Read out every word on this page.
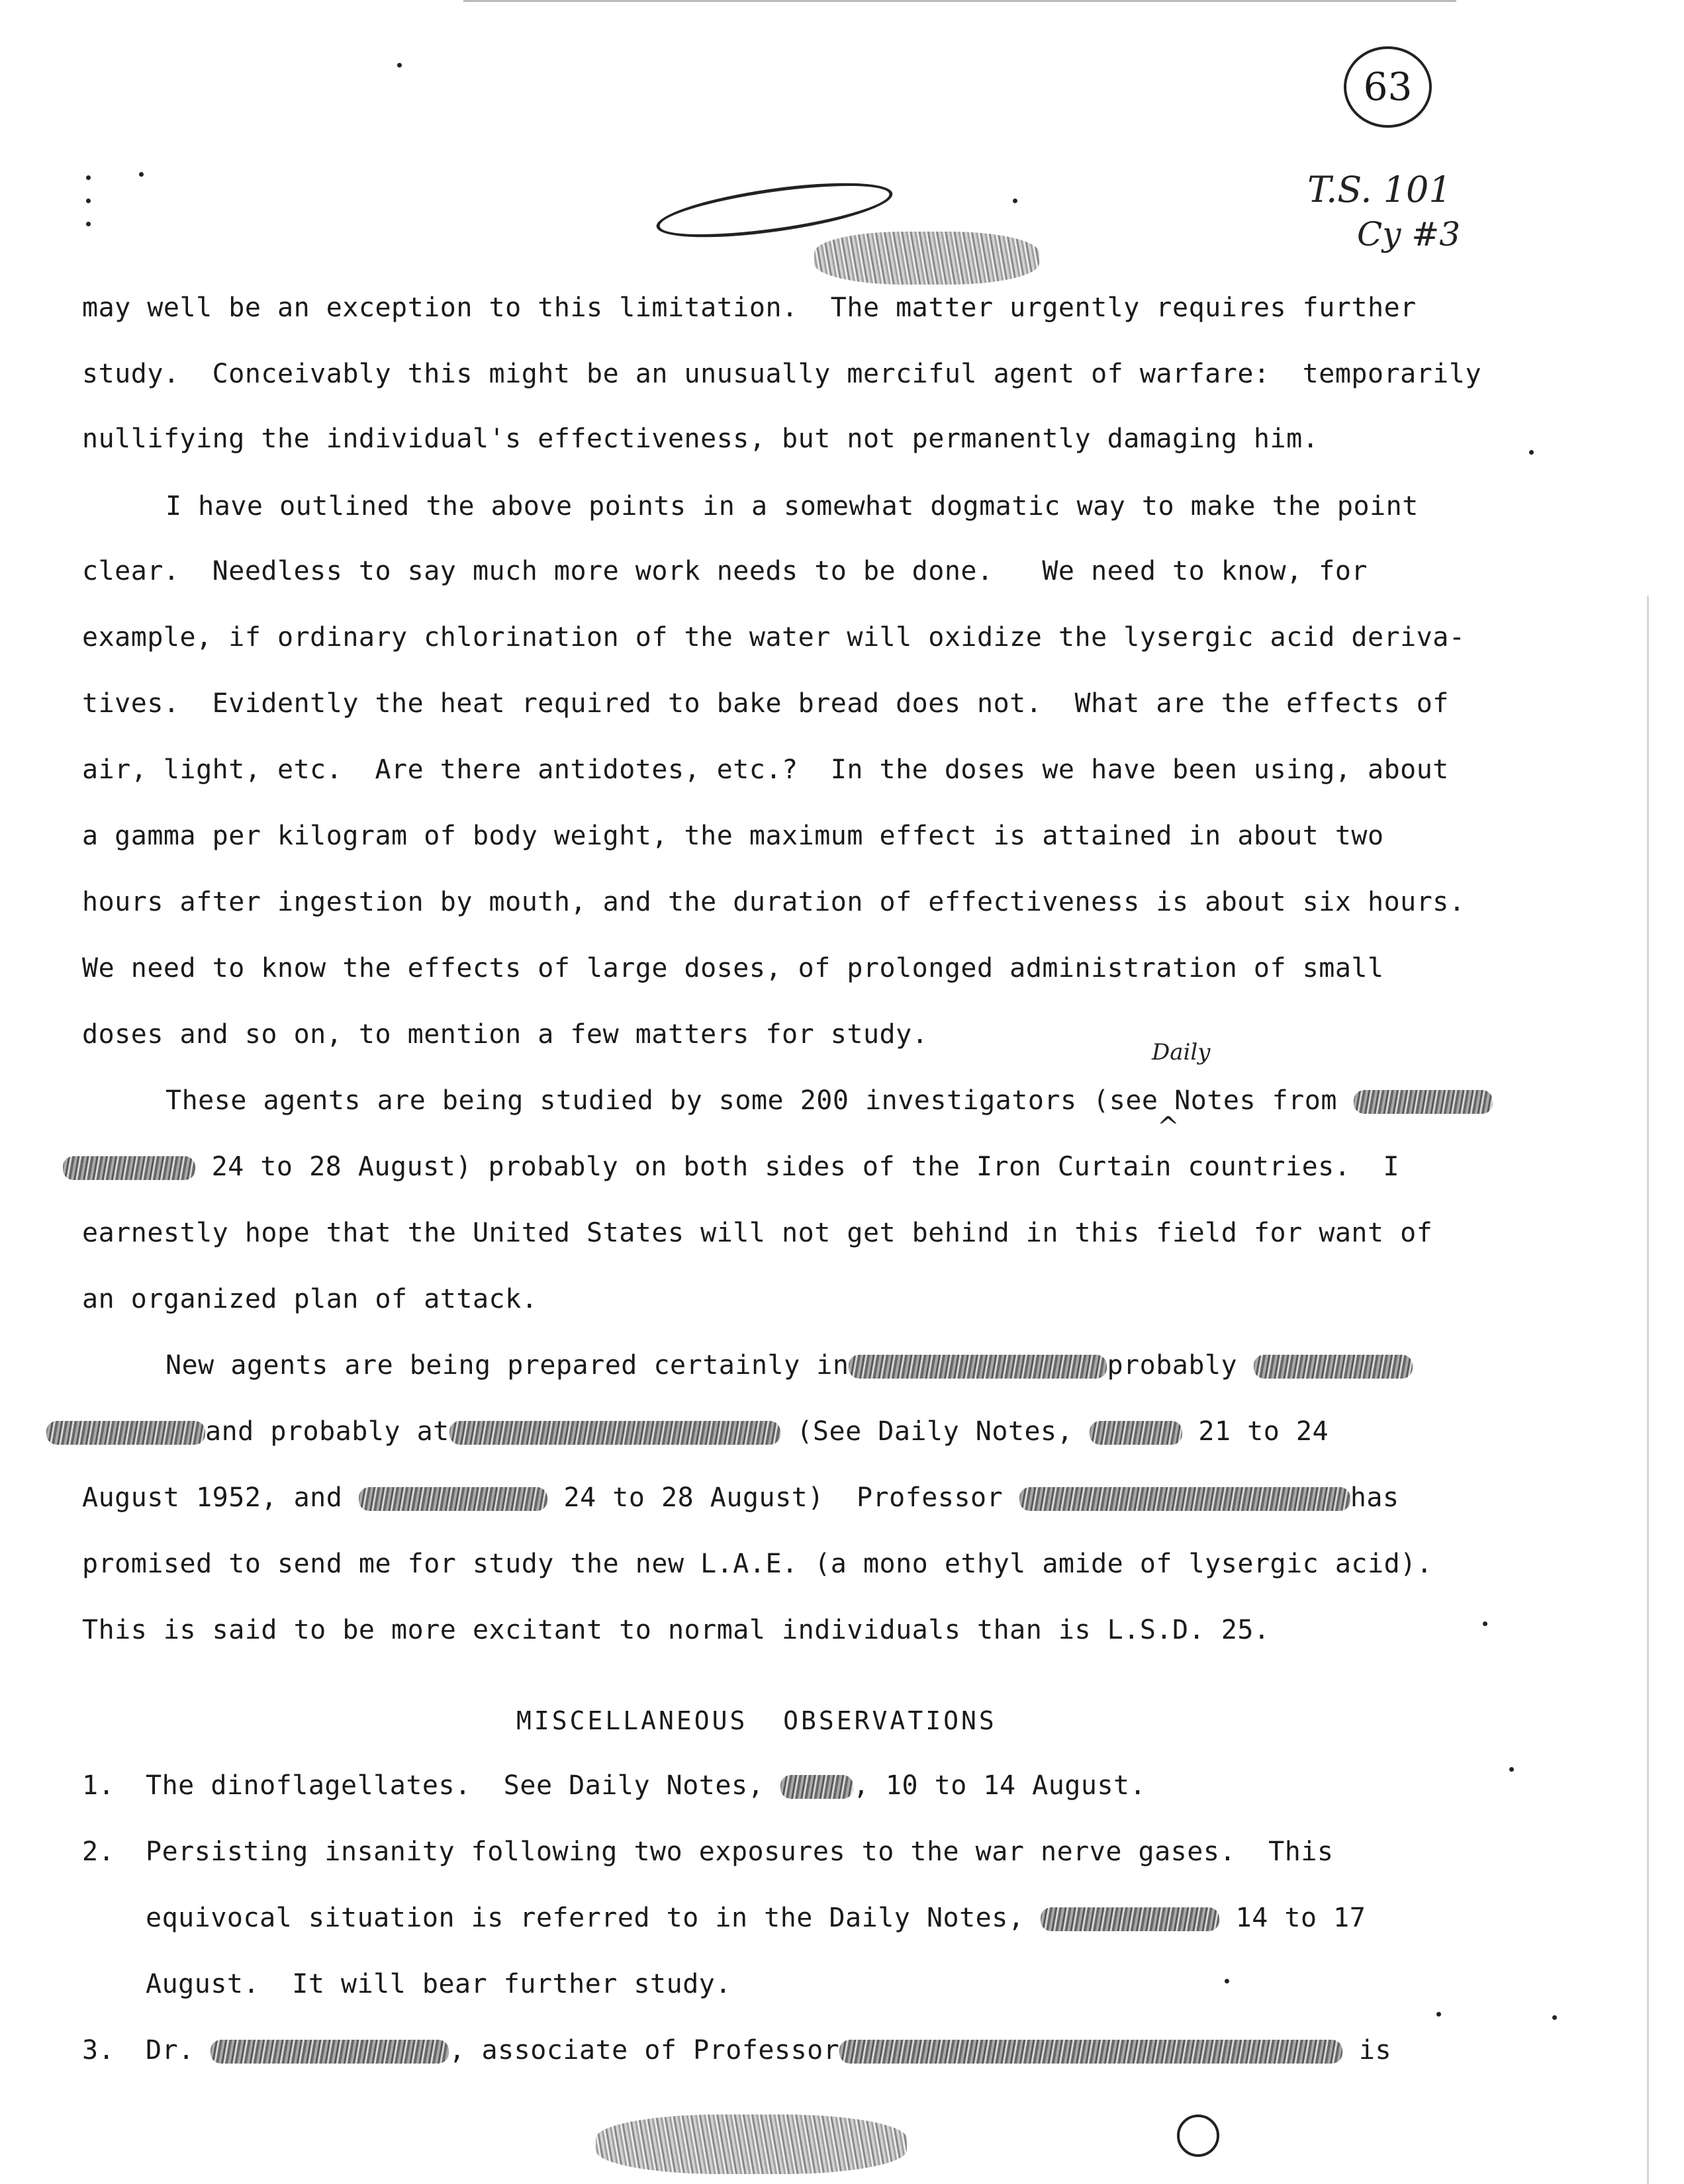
63
T.S. 101
Cy #3
may well be an exception to this limitation.  The matter urgently requires further
study.  Conceivably this might be an unusually merciful agent of warfare:  temporarily
nullifying the individual's effectiveness, but not permanently damaging him.
I have outlined the above points in a somewhat dogmatic way to make the point
clear.  Needless to say much more work needs to be done.   We need to know, for
example, if ordinary chlorination of the water will oxidize the lysergic acid deriva-
tives.  Evidently the heat required to bake bread does not.  What are the effects of
air, light, etc.  Are there antidotes, etc.?  In the doses we have been using, about
a gamma per kilogram of body weight, the maximum effect is attained in about two
hours after ingestion by mouth, and the duration of effectiveness is about six hours.
We need to know the effects of large doses, of prolonged administration of small
doses and so on, to mention a few matters for study.
Daily
These agents are being studied by some 200 investigators (see Notes from
^
24 to 28 August) probably on both sides of the Iron Curtain countries.  I
earnestly hope that the United States will not get behind in this field for want of
an organized plan of attack.
New agents are being prepared certainly in	probably
and probably at	(See Daily Notes,	21 to 24
August 1952, and	24 to 28 August)  Professor	has
promised to send me for study the new L.A.E. (a mono ethyl amide of lysergic acid).
This is said to be more excitant to normal individuals than is L.S.D. 25.
MISCELLANEOUS  OBSERVATIONS
1. The dinoflagellates.  See Daily Notes,	, 10 to 14 August.
2. Persisting insanity following two exposures to the war nerve gases.  This
equivocal situation is referred to in the Daily Notes,	14 to 17
August.  It will bear further study.
3. Dr.	, associate of Professor	is
